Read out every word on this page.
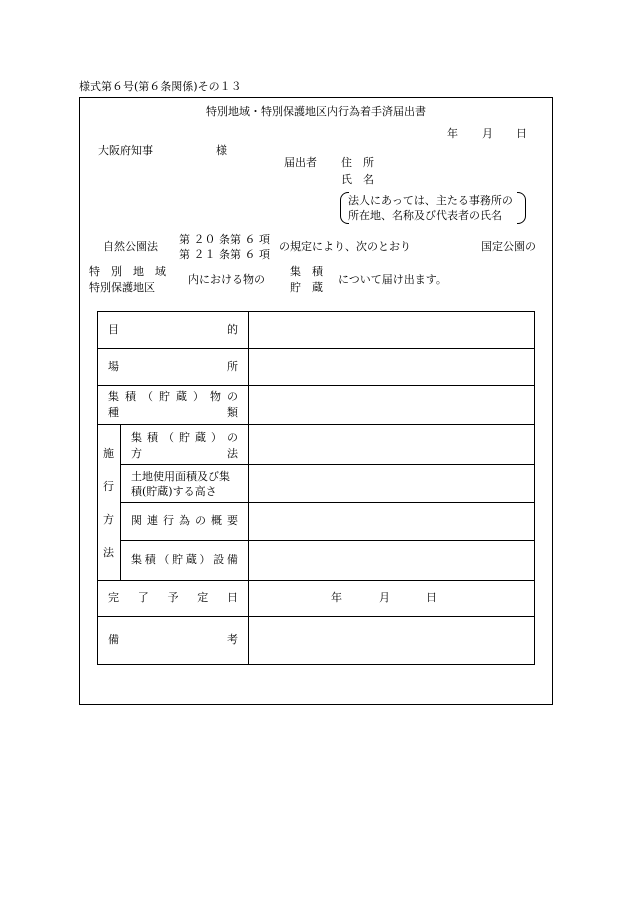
様式第６号(第６条関係)その１３
特別地域・特別保護地区内行為着手済届出書
年 月 日
大阪府知事	様
届出者 住　所
氏　名
法人にあっては、主たる事務所の
所在地、名称及び代表者の氏名
自然公園法
第 ２０ 条第 ６ 項
第 ２１ 条第 ６ 項
の規定により、次のとおり	国定公園の
特　別　地　域
特別保護地区
内における物の
集　積
貯　蔵
について届け出ます。
目	的
場	所
集 積 （ 貯 蔵 ） 物 の
種	類
施
行
方
法
集 積 （ 貯 蔵 ） の
方	法
土地使用面積及び集
積(貯蔵)する高さ
関 連 行 為 の 概 要
集 積 （ 貯 蔵 ） 設 備
完 了 予 定 日	年	月	日
備	考
